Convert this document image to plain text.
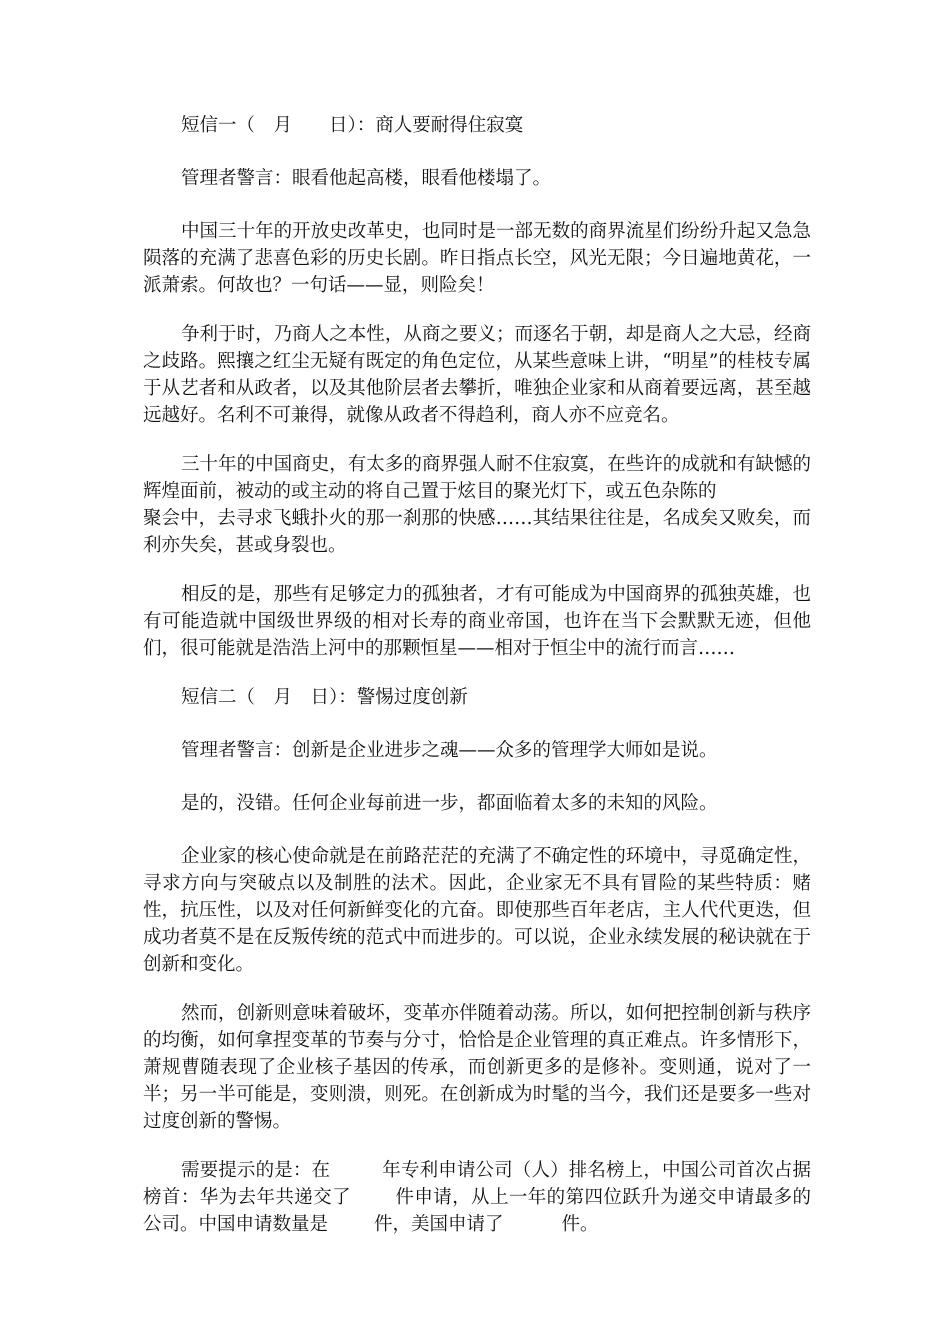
短信一（　月　　日）：商人要耐得住寂寞

管理者警言：眼看他起高楼，眼看他楼塌了。

中国三十年的开放史改革史，也同时是一部无数的商界流星们纷纷升起又急急陨落的充满了悲喜色彩的历史长剧。昨日指点长空，风光无限；今日遍地黄花，一派萧索。何故也？一句话——显，则险矣！

争利于时，乃商人之本性，从商之要义；而逐名于朝，却是商人之大忌，经商之歧路。熙攘之红尘无疑有既定的角色定位，从某些意味上讲，“明星”的桂枝专属于从艺者和从政者，以及其他阶层者去攀折，唯独企业家和从商着要远离，甚至越远越好。名利不可兼得，就像从政者不得趋利，商人亦不应竞名。

三十年的中国商史，有太多的商界强人耐不住寂寞，在些许的成就和有缺憾的辉煌面前，被动的或主动的将自己置于炫目的聚光灯下，或五色杂陈的
聚会中，去寻求飞蛾扑火的那一刹那的快感……其结果往往是，名成矣又败矣，而利亦失矣，甚或身裂也。

相反的是，那些有足够定力的孤独者，才有可能成为中国商界的孤独英雄，也有可能造就中国级世界级的相对长寿的商业帝国，也许在当下会默默无迹，但他们，很可能就是浩浩上河中的那颗恒星——相对于恒尘中的流行而言……

短信二（　月　日）：警惕过度创新

管理者警言：创新是企业进步之魂——众多的管理学大师如是说。

是的，没错。任何企业每前进一步，都面临着太多的未知的风险。

企业家的核心使命就是在前路茫茫的充满了不确定性的环境中，寻觅确定性，寻求方向与突破点以及制胜的法术。因此，企业家无不具有冒险的某些特质：赌性，抗压性，以及对任何新鲜变化的亢奋。即使那些百年老店，主人代代更迭，但成功者莫不是在反叛传统的范式中而进步的。可以说，企业永续发展的秘诀就在于创新和变化。

然而，创新则意味着破坏，变革亦伴随着动荡。所以，如何把控制创新与秩序的均衡，如何拿捏变革的节奏与分寸，恰恰是企业管理的真正难点。许多情形下，萧规曹随表现了企业核子基因的传承，而创新更多的是修补。变则通，说对了一半；另一半可能是，变则溃，则死。在创新成为时髦的当今，我们还是要多一些对过度创新的警惕。

需要提示的是：在	年专利申请公司（人）排名榜上，中国公司首次占据榜首：华为去年共递交了 件申请，从上一年的第四位跃升为递交申请最多的公司。中国申请数量是 件，美国申请了	件。
